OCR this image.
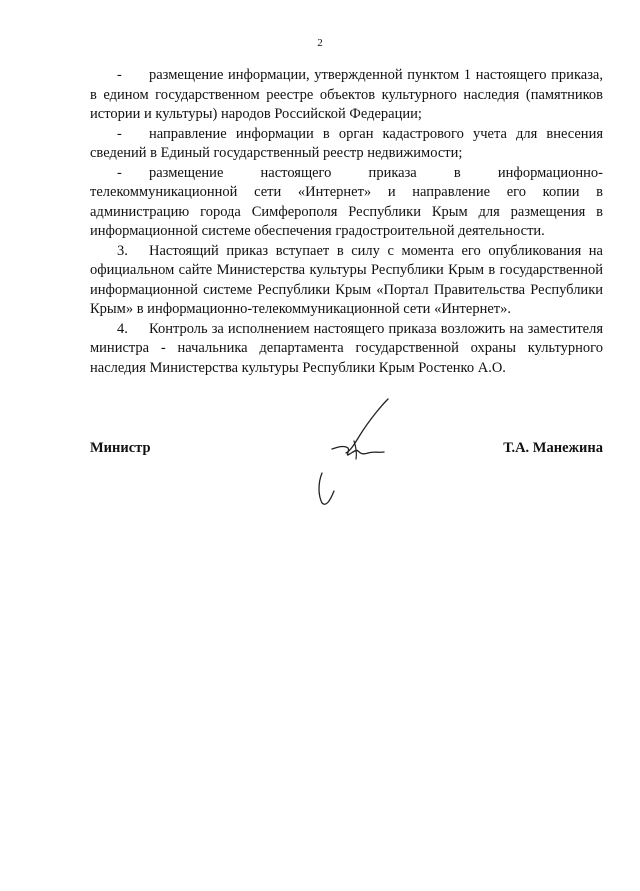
2

- размещение информации, утвержденной пунктом 1 настоящего приказа, в едином государственном реестре объектов культурного наследия (памятников истории и культуры) народов Российской Федерации;

- направление информации в орган кадастрового учета для внесения сведений в Единый государственный реестр недвижимости;

- размещение настоящего приказа в информационно-телекоммуникационной сети «Интернет» и направление его копии в администрацию города Симферополя Республики Крым для размещения в информационной системе обеспечения градостроительной деятельности.

3. Настоящий приказ вступает в силу с момента его опубликования на официальном сайте Министерства культуры Республики Крым в государственной информационной системе Республики Крым «Портал Правительства Республики Крым» в информационно-телекоммуникационной сети «Интернет».

4. Контроль за исполнением настоящего приказа возложить на заместителя министра - начальника департамента государственной охраны культурного наследия Министерства культуры Республики Крым Ростенко А.О.

Министр	Т.А. Манежина
